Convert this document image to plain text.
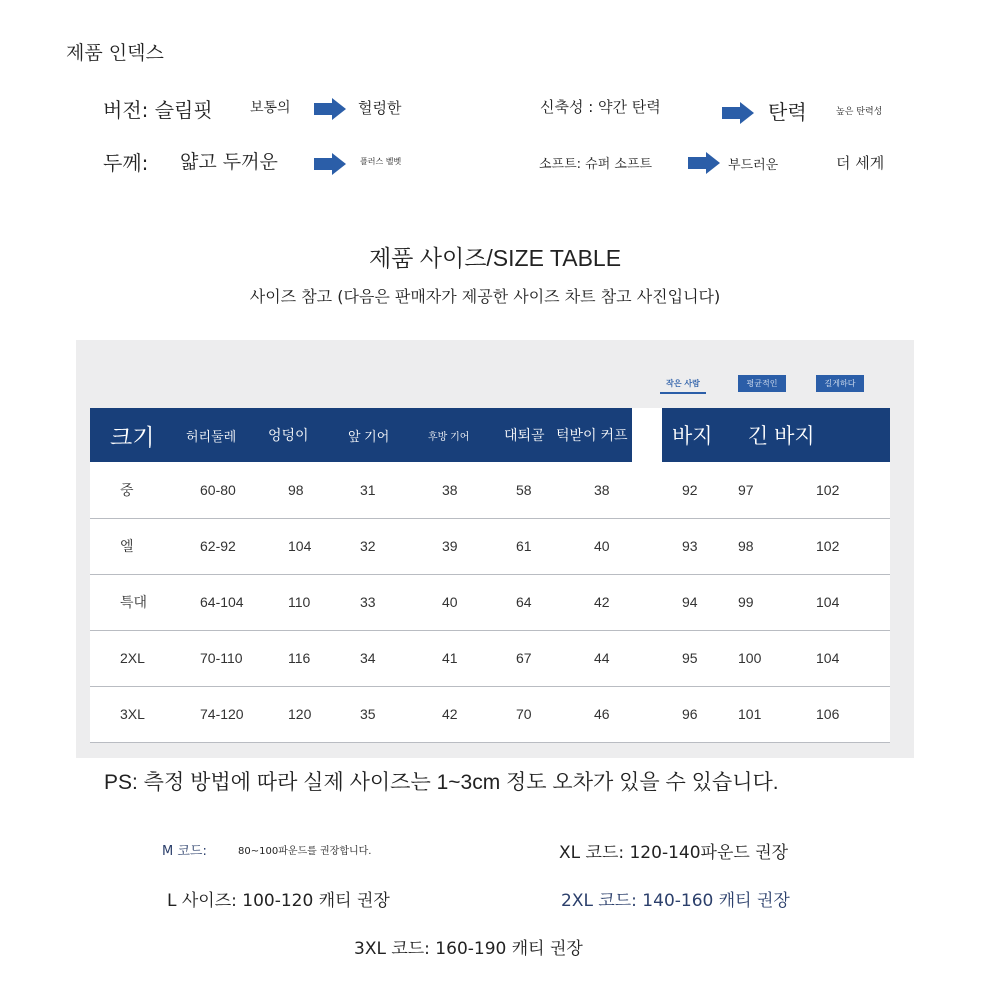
제품 인덱스
버전: 슬림핏	보통의	헐렁한	신축성 : 약간 탄력	탄력	높은 탄력성
두께: 얇고 두꺼운	플러스 벨벳	소프트: 슈퍼 소프트	부드러운	더 세게
제품 사이즈/SIZE TABLE
사이즈 참고 (다음은 판매자가 제공한 사이즈 차트 참고 사진입니다)
작은 사람	평균적인	길게하다
크기	허리둘레	엉덩이	앞 기어	후방 기어	대퇴골	턱받이 커프	바지	긴 바지
중	60-80	98	31	38	58	38	92	97	102
엘	62-92	104	32	39	61	40	93	98	102
특대	64-104	110	33	40	64	42	94	99	104
2XL	70-110	116	34	41	67	44	95	100	104
3XL	74-120	120	35	42	70	46	96	101	106
PS: 측정 방법에 따라 실제 사이즈는 1~3cm 정도 오차가 있을 수 있습니다.
M 코드:	80~100파운드를 권장합니다.	XL 코드: 120-140파운드 권장
L 사이즈: 100-120 캐티 권장	2XL 코드: 140-160 캐티 권장
3XL 코드: 160-190 캐티 권장
